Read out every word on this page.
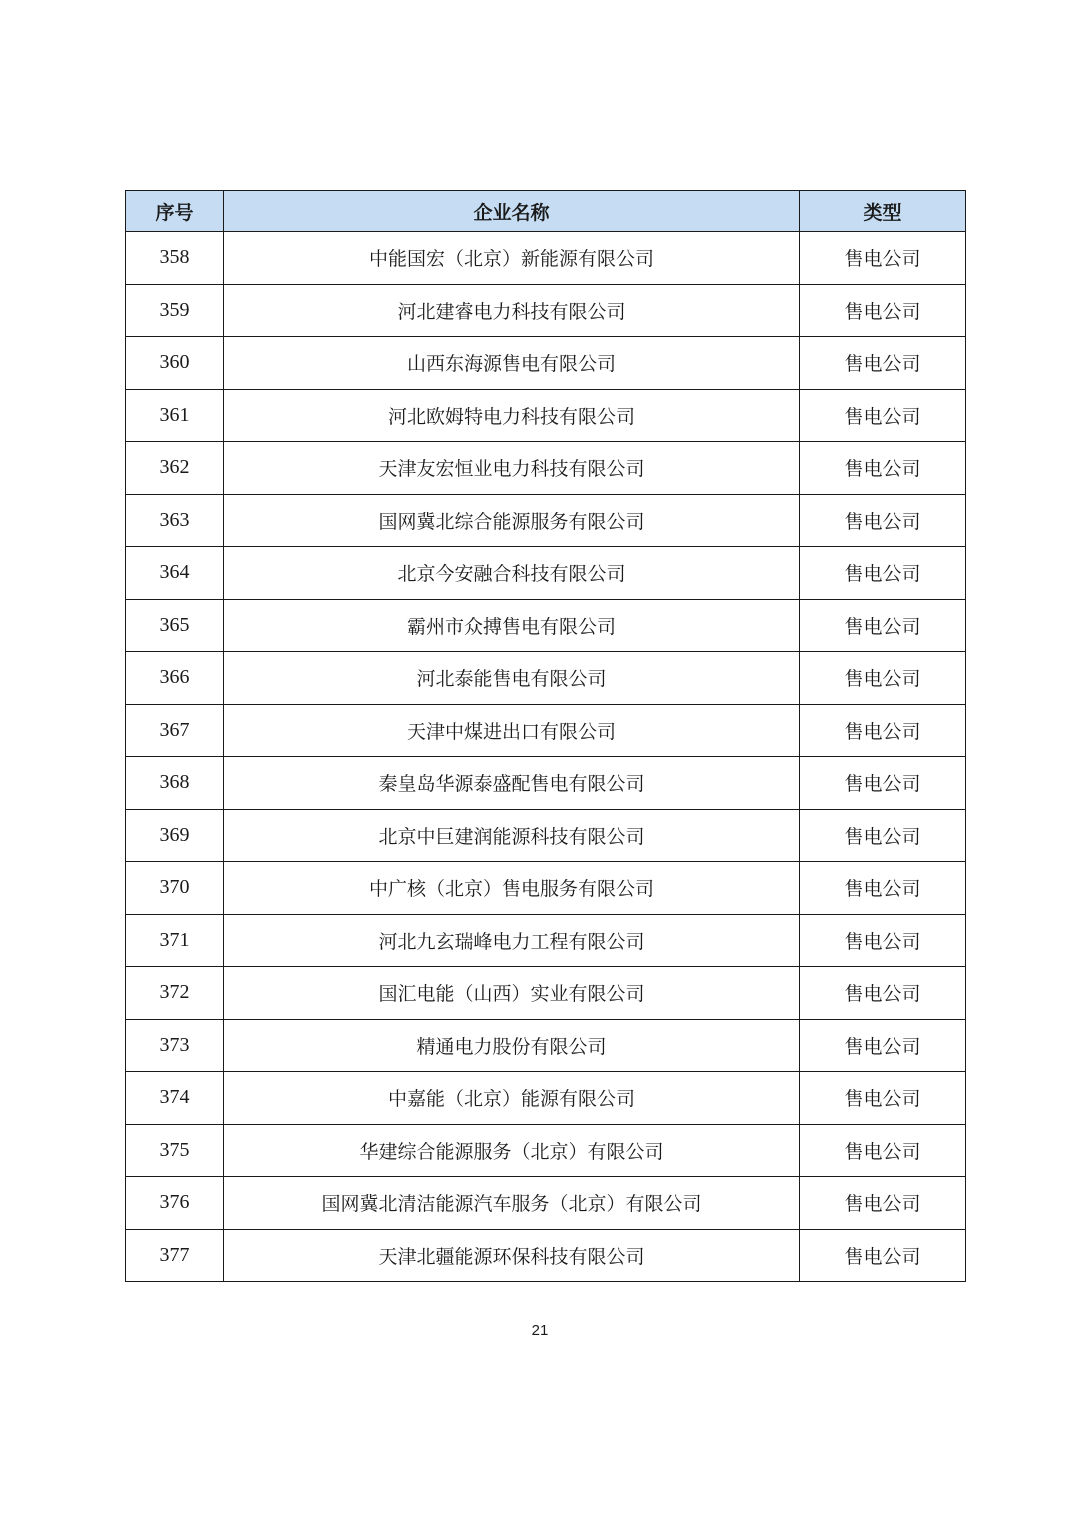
序号	企业名称	类型
358	中能国宏（北京）新能源有限公司	售电公司
359	河北建睿电力科技有限公司	售电公司
360	山西东海源售电有限公司	售电公司
361	河北欧姆特电力科技有限公司	售电公司
362	天津友宏恒业电力科技有限公司	售电公司
363	国网冀北综合能源服务有限公司	售电公司
364	北京今安融合科技有限公司	售电公司
365	霸州市众搏售电有限公司	售电公司
366	河北泰能售电有限公司	售电公司
367	天津中煤进出口有限公司	售电公司
368	秦皇岛华源泰盛配售电有限公司	售电公司
369	北京中巨建润能源科技有限公司	售电公司
370	中广核（北京）售电服务有限公司	售电公司
371	河北九玄瑞峰电力工程有限公司	售电公司
372	国汇电能（山西）实业有限公司	售电公司
373	精通电力股份有限公司	售电公司
374	中嘉能（北京）能源有限公司	售电公司
375	华建综合能源服务（北京）有限公司	售电公司
376	国网冀北清洁能源汽车服务（北京）有限公司	售电公司
377	天津北疆能源环保科技有限公司	售电公司
21
